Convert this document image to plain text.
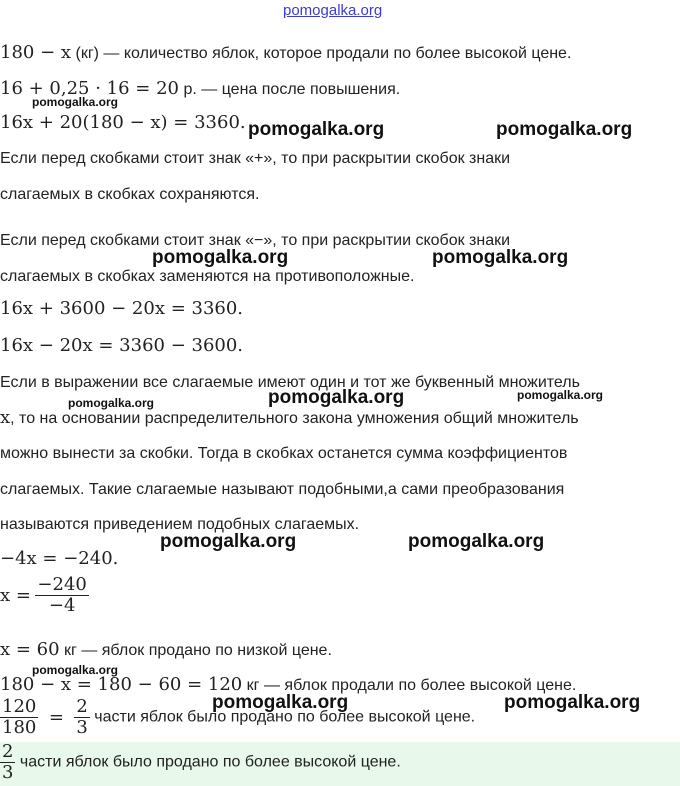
pomogalka.org
180 − x (кг) — количество яблок, которое продали по более высокой цене.
16 + 0,25 · 16 = 20 р. — цена после повышения.
pomogalka.org
16x + 20(180 − x) = 3360. pomogalka.org	pomogalka.org
Если перед скобками стоит знак «+», то при раскрытии скобок знаки
слагаемых в скобках сохраняются.
Если перед скобками стоит знак «−», то при раскрытии скобок знаки
pomogalka.org	pomogalka.org
слагаемых в скобках заменяются на противоположные.
16x + 3600 − 20x = 3360.
16x − 20x = 3360 − 3600.
Если в выражении все слагаемые имеют один и тот же буквенный множитель
pomogalka.org	pomogalka.org
pomogalka.org
x, то на основании распределительного закона умножения общий множитель
можно вынести за скобки. Тогда в скобках останется сумма коэффициентов
слагаемых. Такие слагаемые называют подобными,а сами преобразования
называются приведением подобных слагаемых.
−4x = −240.
pomogalka.org	pomogalka.org
$x = \frac{-240}{-4}$
x = 60 кг — яблок продано по низкой цене.
pomogalka.org
180 − x = 180 − 60 = 120 кг — яблок продали по более высокой цене.
pomogalka.org	pomogalka.org
$\frac{120}{180} = \frac{2}{3}$ части яблок было продано по более высокой цене.
$\frac{2}{3}$ части яблок было продано по более высокой цене.
